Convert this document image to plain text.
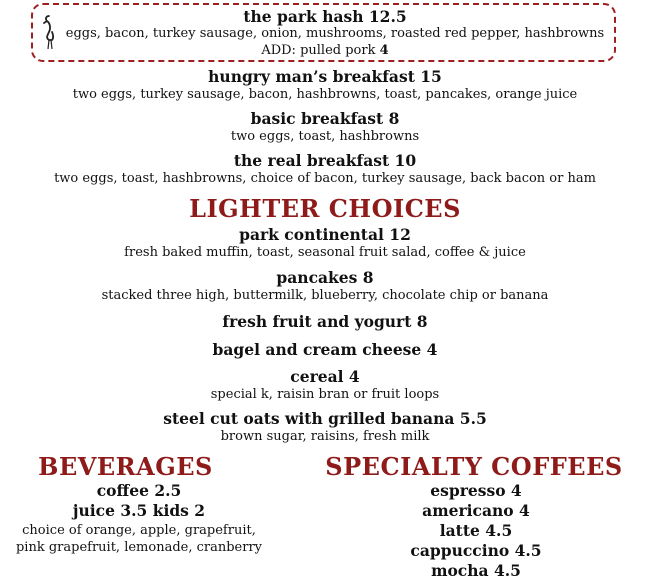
the park hash 12.5
eggs, bacon, turkey sausage, onion, mushrooms, roasted red pepper, hashbrowns
ADD: pulled pork 4
hungry man’s breakfast 15
two eggs, turkey sausage, bacon, hashbrowns, toast, pancakes, orange juice
basic breakfast 8
two eggs, toast, hashbrowns
the real breakfast 10
two eggs, toast, hashbrowns, choice of bacon, turkey sausage, back bacon or ham
LIGHTER CHOICES
park continental 12
fresh baked muffin, toast, seasonal fruit salad, coffee & juice
pancakes 8
stacked three high, buttermilk, blueberry, chocolate chip or banana
fresh fruit and yogurt 8
bagel and cream cheese 4
cereal 4
special k, raisin bran or fruit loops
steel cut oats with grilled banana 5.5
brown sugar, raisins, fresh milk
BEVERAGES
coffee 2.5
juice 3.5 kids 2
choice of orange, apple, grapefruit,
pink grapefruit, lemonade, cranberry
SPECIALTY COFFEES
espresso 4
americano 4
latte 4.5
cappuccino 4.5
mocha 4.5
